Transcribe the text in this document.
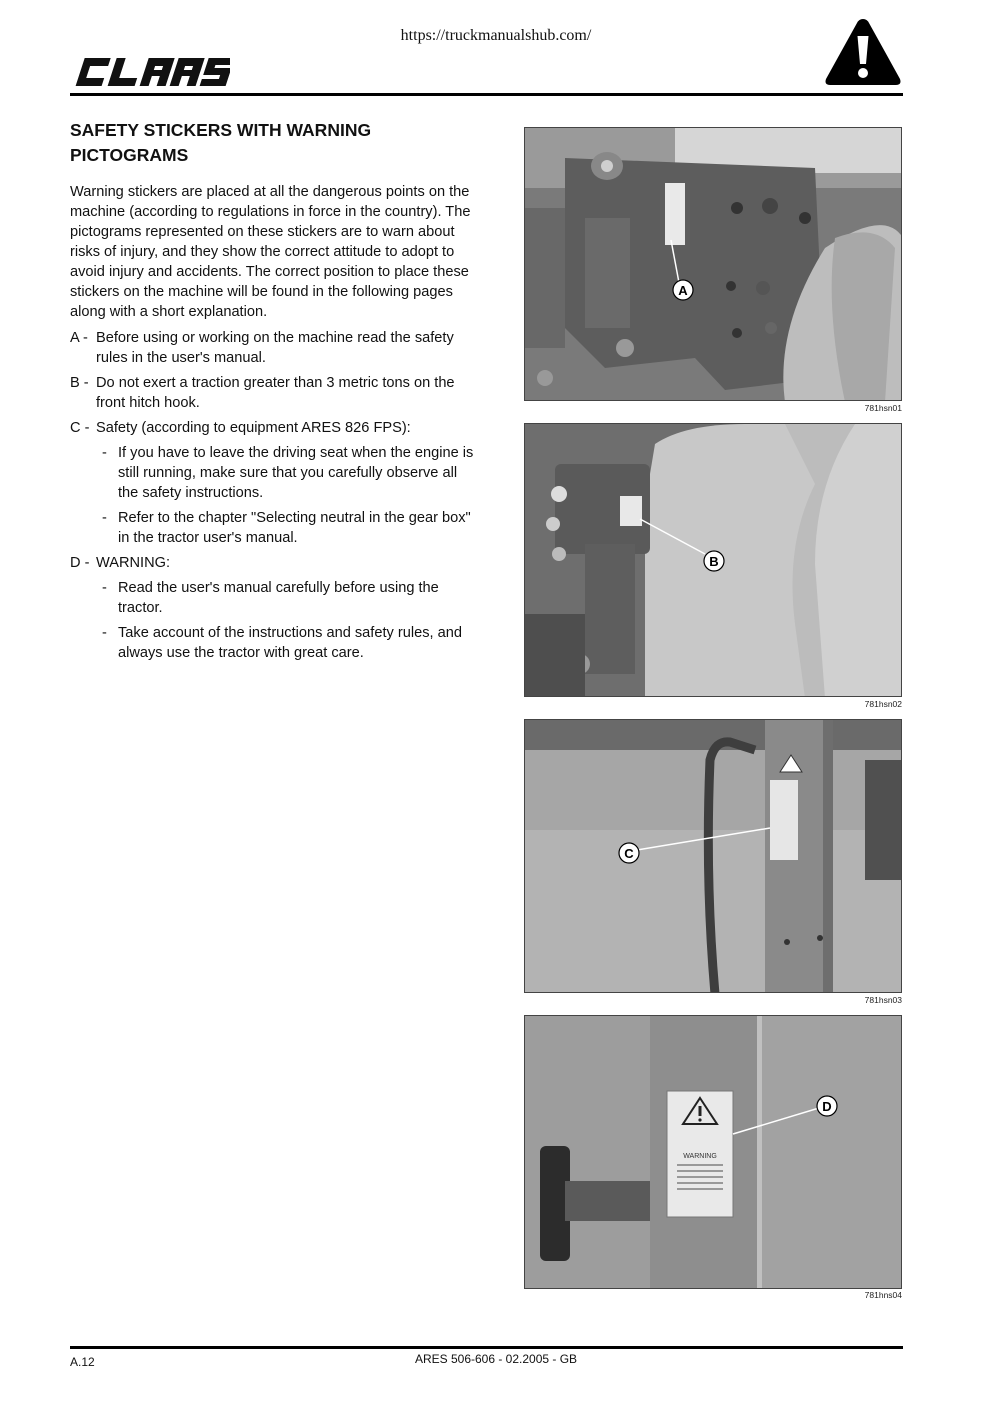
https://truckmanualshub.com/
SAFETY STICKERS WITH WARNING PICTOGRAMS

Warning stickers are placed at all the dangerous points on the machine (according to regulations in force in the country). The pictograms represented on these stickers are to warn about risks of injury, and they show the correct attitude to adopt to avoid injury and accidents. The correct position to place these stickers on the machine will be found in the following pages along with a short explanation.

A - Before using or working on the machine read the safety rules in the user's manual.
B - Do not exert a traction greater than 3 metric tons on the front hitch hook.
C - Safety (according to equipment ARES 826 FPS):
- If you have to leave the driving seat when the engine is still running, make sure that you carefully observe all the safety instructions.
- Refer to the chapter "Selecting neutral in the gear box" in the tractor user's manual.
D - WARNING:
- Read the user's manual carefully before using the tractor.
- Take account of the instructions and safety rules, and always use the tractor with great care.
A
781hsn01
B
781hsn02
C
781hsn03
WARNING
D
781hns04
A.12	ARES 506-606 - 02.2005 - GB
